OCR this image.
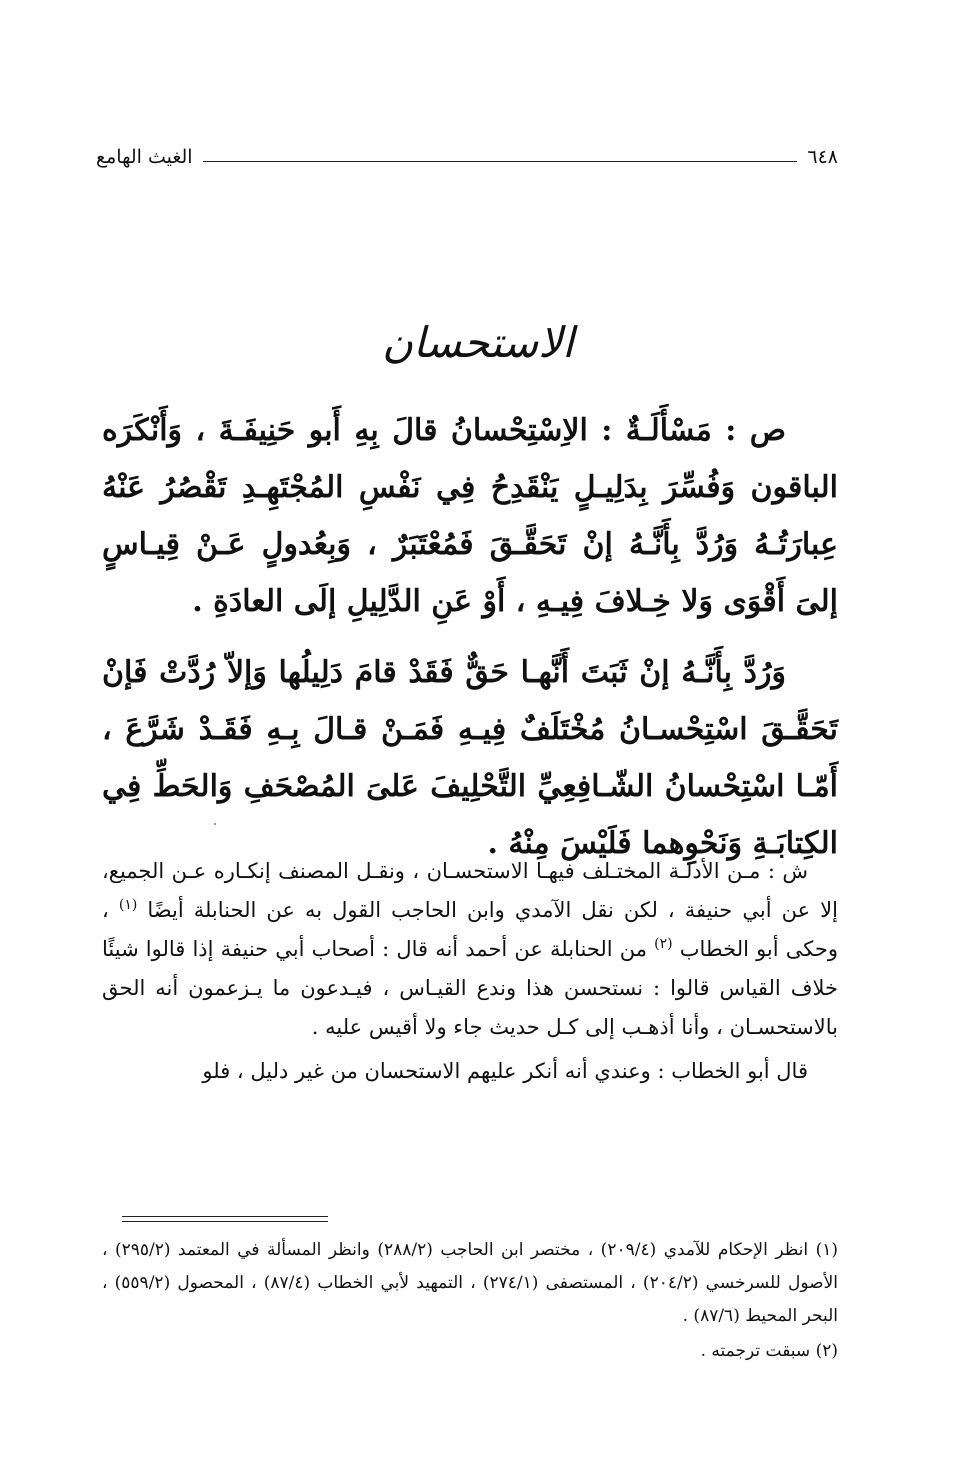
٦٤٨
الغيث الهامع
الاستحسان

ص : مَسْأَلَـةٌ : الاِسْتِحْسانُ قالَ بِهِ أَبو حَنِيفَـةَ ، وَأَنْكَرَه الباقون وَفُسِّرَ بِدَلِيـلٍ يَنْقَدِحُ فِي نَفْسِ المُجْتَهِـدِ تَقْصُرُ عَنْهُ عِبارَتُـهُ وَرُدَّ بِأَنَّـهُ إنْ تَحَقَّـقَ فَمُعْتَبَرٌ ، وَبِعُدولٍ عَـنْ قِيـاسٍ إلىَ أَقْوَى وَلا خِـلافَ فِيـهِ ، أَوْ عَنِ الدَّلِيلِ إلَى العادَةِ .

وَرُدَّ بِأَنَّـهُ إنْ ثَبَتَ أَنَّهـا حَقٌّ فَقَدْ قامَ دَلِيلُها وَإلاّ رُدَّتْ فَإنْ تَحَقَّـقَ اسْتِحْسـانُ مُخْتَلَفٌ فِيـهِ فَمَـنْ قـالَ بِـهِ فَقَـدْ شَرَّعَ ، أَمّـا اسْتِحْسانُ الشّـافِعِيِّ التَّحْلِيفَ عَلىَ المُصْحَفِ وَالحَطِّ فِي الكِتابَـةِ وَنَحْوِهما فَلَيْسَ مِنْهُ .

ش : مـن الأدلـة المختـلف فيهـا الاستحسـان ، ونقـل المصنف إنكـاره عـن الجميع، إلا عن أبي حنيفة ، لكن نقل الآمدي وابن الحاجب القول به عن الحنابلة أيضًا $^{(١)}$ ، وحكى أبو الخطاب $^{(٢)}$ من الحنابلة عن أحمد أنه قال : أصحاب أبي حنيفة إذا قالوا شيئًا خلاف القياس قالوا : نستحسن هذا وندع القيـاس ، فيـدعون ما يـزعمون أنه الحق بالاستحسـان ، وأنا أذهـب إلى كـل حديث جاء ولا أقيس عليه .

قال أبو الخطاب : وعندي أنه أنكر عليهم الاستحسان من غير دليل ، فلو

(١) انظر الإحكام للآمدي (٢٠٩/٤) ، مختصر ابن الحاجب (٢٨٨/٢) وانظر المسألة في المعتمد (٢٩٥/٢) ، الأصول للسرخسي (٢٠٤/٢) ، المستصفى (٢٧٤/١) ، التمهيد لأبي الخطاب (٨٧/٤) ، المحصول (٥٥٩/٢) ، البحر المحيط (٨٧/٦) .

(٢) سبقت ترجمته .
